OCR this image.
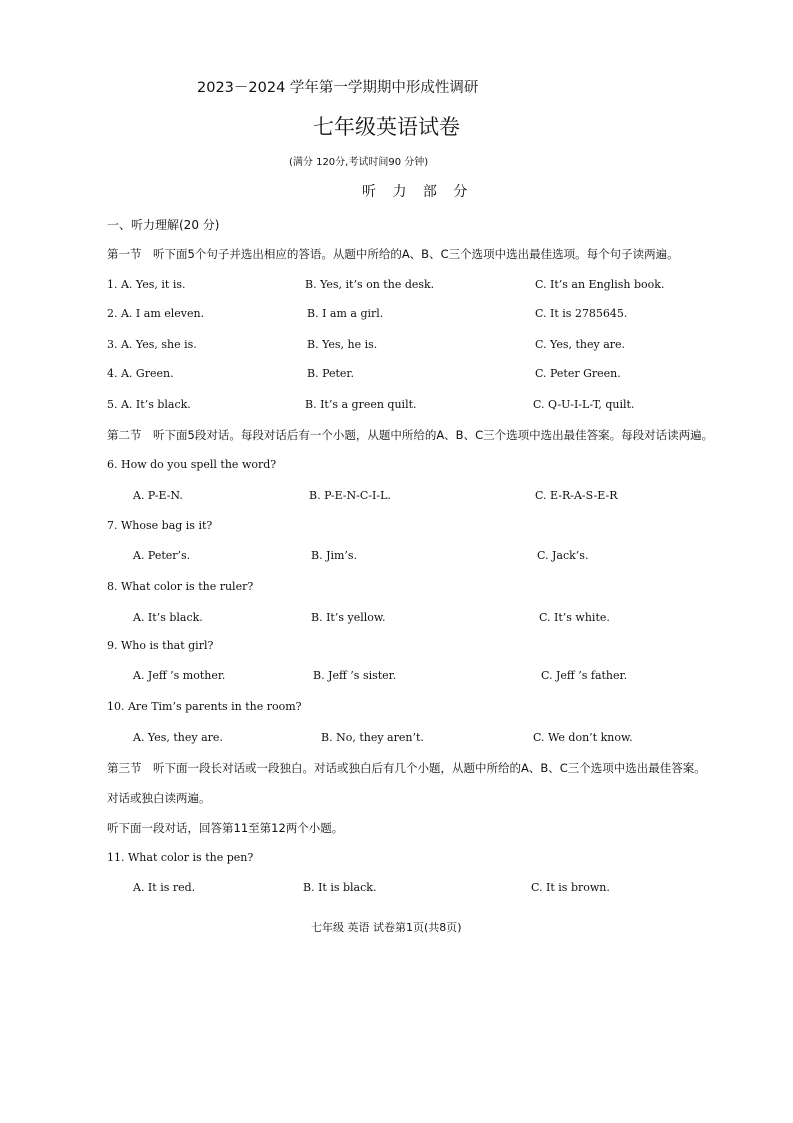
2023－2024 学年第一学期期中形成性调研
七年级英语试卷
(满分 120分,考试时间90 分钟)
听 力 部 分
一、听力理解(20 分)
第一节　听下面5个句子并选出相应的答语。从题中所给的A、B、C三个选项中选出最佳选项。每个句子读两遍。
1. A. Yes, it is.	B. Yes, it’s on the desk.	C. It’s an English book.
2. A. I am eleven.	B. I am a girl.	C. It is 2785645.
3. A. Yes, she is.	B. Yes, he is.	C. Yes, they are.
4. A. Green.	B. Peter.	C. Peter Green.
5. A. It’s black.	B. It’s a green quilt.	C. Q-U-I-L-T, quilt.
第二节　听下面5段对话。每段对话后有一个小题，从题中所给的A、B、C三个选项中选出最佳答案。每段对话读两遍。
6. How do you spell the word?
A. P-E-N.	B. P-E-N-C-I-L.	C. E-R-A-S-E-R
7. Whose bag is it?
A. Peter’s.	B. Jim’s.	C. Jack’s.
8. What color is the ruler?
A. It’s black.	B. It’s yellow.	C. It’s white.
9. Who is that girl?
A. Jeff ’s mother.	B. Jeff ’s sister.	C. Jeff ’s father.
10. Are Tim’s parents in the room?
A. Yes, they are.	B. No, they aren’t.	C. We don’t know.
第三节　听下面一段长对话或一段独白。对话或独白后有几个小题，从题中所给的A、B、C三个选项中选出最佳答案。
对话或独白读两遍。
听下面一段对话，回答第11至第12两个小题。
11. What color is the pen?
A. It is red.	B. It is black.	C. It is brown.
七年级 英语 试卷第1页(共8页)
